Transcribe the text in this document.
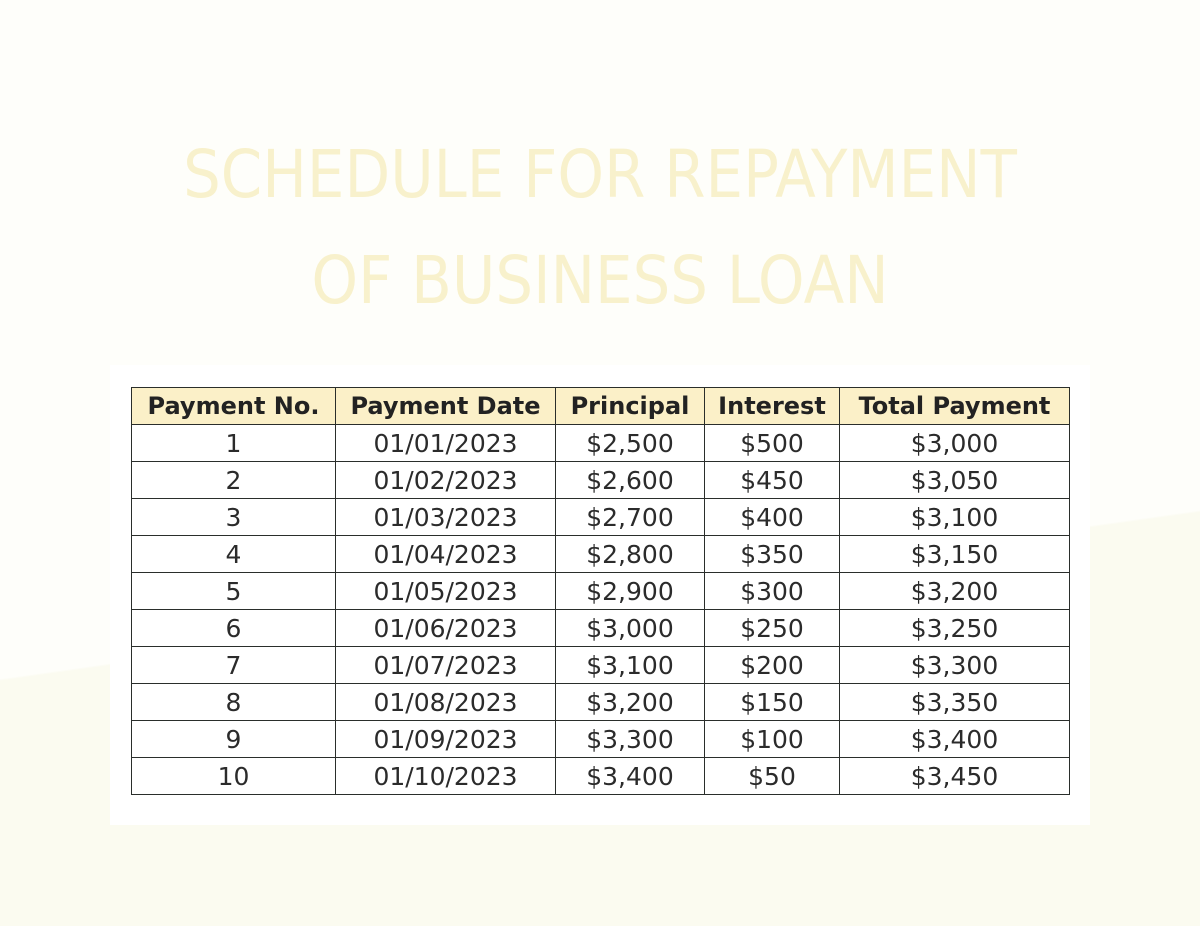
SCHEDULE FOR REPAYMENT
OF BUSINESS LOAN
Payment No.	Payment Date	Principal	Interest	Total Payment
1	01/01/2023	$2,500	$500	$3,000
2	01/02/2023	$2,600	$450	$3,050
3	01/03/2023	$2,700	$400	$3,100
4	01/04/2023	$2,800	$350	$3,150
5	01/05/2023	$2,900	$300	$3,200
6	01/06/2023	$3,000	$250	$3,250
7	01/07/2023	$3,100	$200	$3,300
8	01/08/2023	$3,200	$150	$3,350
9	01/09/2023	$3,300	$100	$3,400
10	01/10/2023	$3,400	$50	$3,450
